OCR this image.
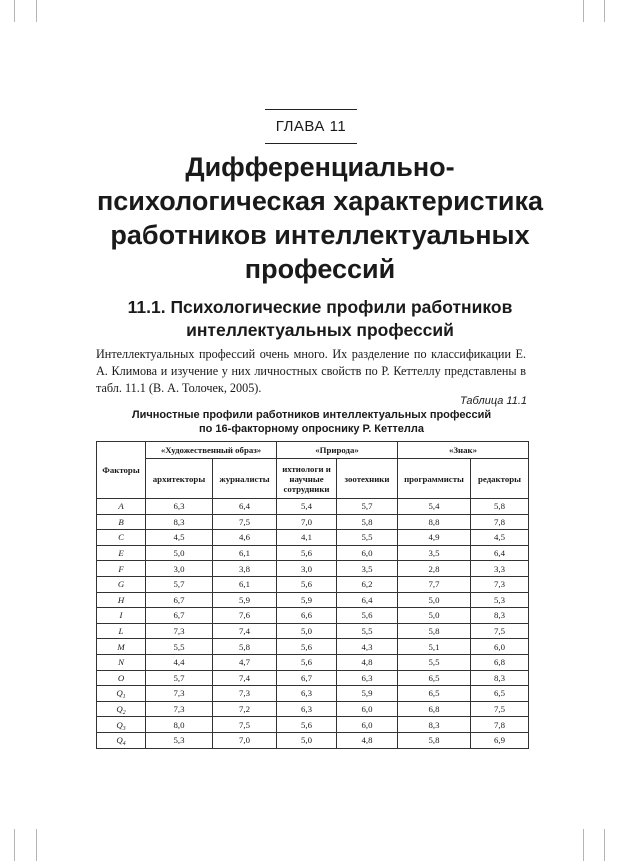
ГЛАВА 11
Дифференциально-
психологическая характеристика
работников интеллектуальных
профессий
11.1. Психологические профили работников
интеллектуальных профессий

Интеллектуальных профессий очень много. Их разделение по классификации Е. А. Климова и изучение у них личностных свойств по Р. Кеттеллу представлены в табл. 11.1 (В. А. Толочек, 2005).

Таблица 11.1
Личностные профили работников интеллектуальных профессий
по 16-факторному опроснику Р. Кеттелла
Факторы	«Художественный образ»		«Природа»		«Знак»	
	архитекторы	журналисты	ихтиологи и научные сотрудники	зоотехники	программисты	редакторы
A	6,3	6,4	5,4	5,7	5,4	5,8
B	8,3	7,5	7,0	5,8	8,8	7,8
C	4,5	4,6	4,1	5,5	4,9	4,5
E	5,0	6,1	5,6	6,0	3,5	6,4
F	3,0	3,8	3,0	3,5	2,8	3,3
G	5,7	6,1	5,6	6,2	7,7	7,3
H	6,7	5,9	5,9	6,4	5,0	5,3
I	6,7	7,6	6,6	5,6	5,0	8,3
L	7,3	7,4	5,0	5,5	5,8	7,5
M	5,5	5,8	5,6	4,3	5,1	6,0
N	4,4	4,7	5,6	4,8	5,5	6,8
O	5,7	7,4	6,7	6,3	6,5	8,3
$Q_1$	7,3	7,3	6,3	5,9	6,5	6,5
$Q_2$	7,3	7,2	6,3	6,0	6,8	7,5
$Q_3$	8,0	7,5	5,6	6,0	8,3	7,8
$Q_4$	5,3	7,0	5,0	4,8	5,8	6,9
